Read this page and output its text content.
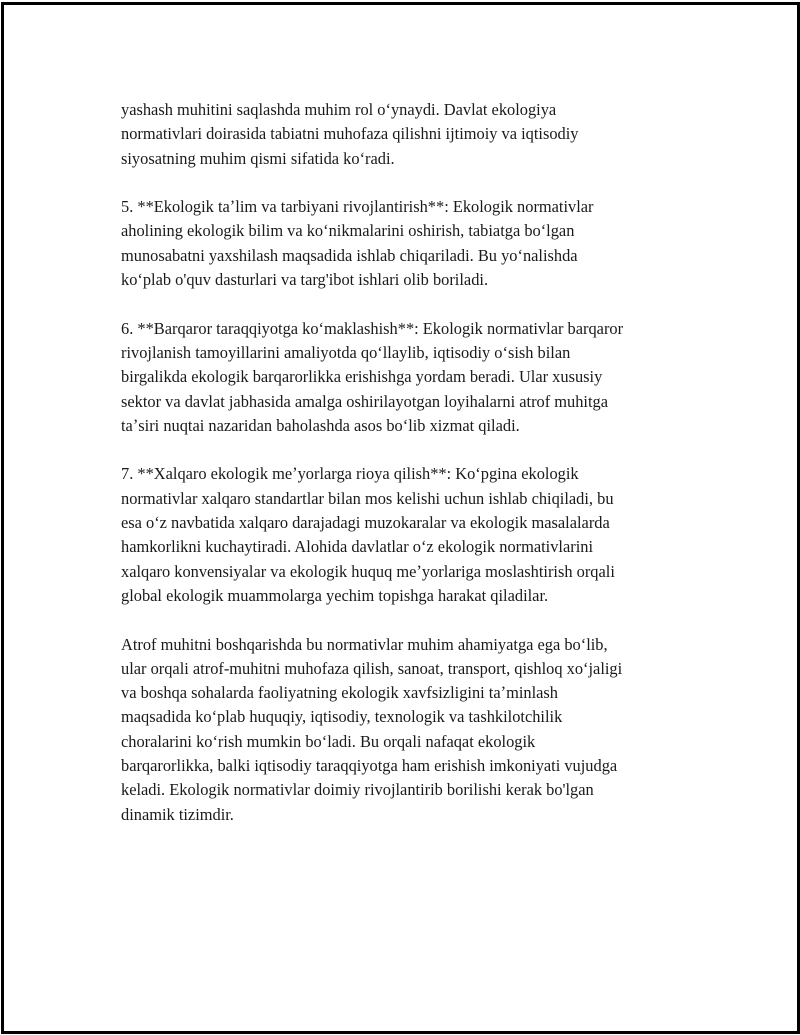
yashash muhitini saqlashda muhim rol oʻynaydi. Davlat ekologiya
normativlari doirasida tabiatni muhofaza qilishni ijtimoiy va iqtisodiy
siyosatning muhim qismi sifatida koʻradi.
5. **Ekologik taʼlim va tarbiyani rivojlantirish**: Ekologik normativlar
aholining ekologik bilim va koʻnikmalarini oshirish, tabiatga boʻlgan
munosabatni yaxshilash maqsadida ishlab chiqariladi. Bu yoʻnalishda
koʻplab o'quv dasturlari va targ'ibot ishlari olib boriladi.
6. **Barqaror taraqqiyotga koʻmaklashish**: Ekologik normativlar barqaror
rivojlanish tamoyillarini amaliyotda qoʻllaylib, iqtisodiy oʻsish bilan
birgalikda ekologik barqarorlikka erishishga yordam beradi. Ular xususiy
sektor va davlat jabhasida amalga oshirilayotgan loyihalarni atrof muhitga
taʼsiri nuqtai nazaridan baholashda asos boʻlib xizmat qiladi.
7. **Xalqaro ekologik meʼyorlarga rioya qilish**: Koʻpgina ekologik
normativlar xalqaro standartlar bilan mos kelishi uchun ishlab chiqiladi, bu
esa oʻz navbatida xalqaro darajadagi muzokaralar va ekologik masalalarda
hamkorlikni kuchaytiradi. Alohida davlatlar oʻz ekologik normativlarini
xalqaro konvensiyalar va ekologik huquq meʼyorlariga moslashtirish orqali
global ekologik muammolarga yechim topishga harakat qiladilar.
Atrof muhitni boshqarishda bu normativlar muhim ahamiyatga ega boʻlib,
ular orqali atrof-muhitni muhofaza qilish, sanoat, transport, qishloq xoʻjaligi
va boshqa sohalarda faoliyatning ekologik xavfsizligini taʼminlash
maqsadida koʻplab huquqiy, iqtisodiy, texnologik va tashkilotchilik
choralarini koʻrish mumkin boʻladi. Bu orqali nafaqat ekologik
barqarorlikka, balki iqtisodiy taraqqiyotga ham erishish imkoniyati vujudga
keladi. Ekologik normativlar doimiy rivojlantirib borilishi kerak bo'lgan
dinamik tizimdir.
